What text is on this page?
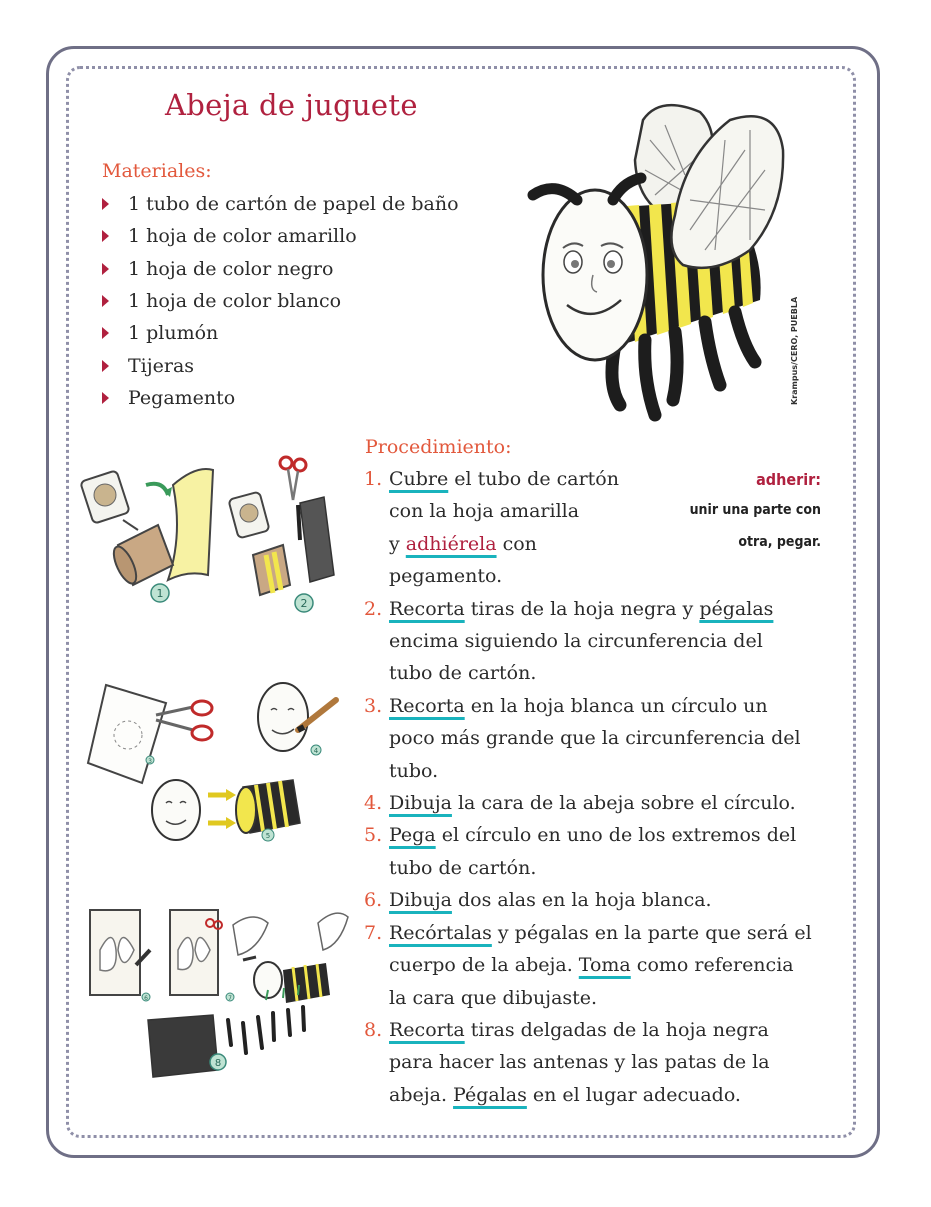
Abeja de juguete
Materiales:
1 tubo de cartón de papel de baño
1 hoja de color amarillo
1 hoja de color negro
1 hoja de color blanco
1 plumón
Tijeras
Pegamento	Krampus/CERO, PUEBLA
1
2
3
4
5
6	7
8
Procedimiento:
1. Cubre el tubo de cartón
con la hoja amarilla
y adhiérela con
pegamento.
2. Recorta tiras de la hoja negra y pégalas
encima siguiendo la circunferencia del
tubo de cartón.
3. Recorta en la hoja blanca un círculo un
poco más grande que la circunferencia del
tubo.
4. Dibuja la cara de la abeja sobre el círculo.
5. Pega el círculo en uno de los extremos del
tubo de cartón.
6. Dibuja dos alas en la hoja blanca.
7. Recórtalas y pégalas en la parte que será el
cuerpo de la abeja. Toma como referencia
la cara que dibujaste.
8. Recorta tiras delgadas de la hoja negra
para hacer las antenas y las patas de la
abeja. Pégalas en el lugar adecuado.
adherir:
unir una parte con
otra, pegar.
